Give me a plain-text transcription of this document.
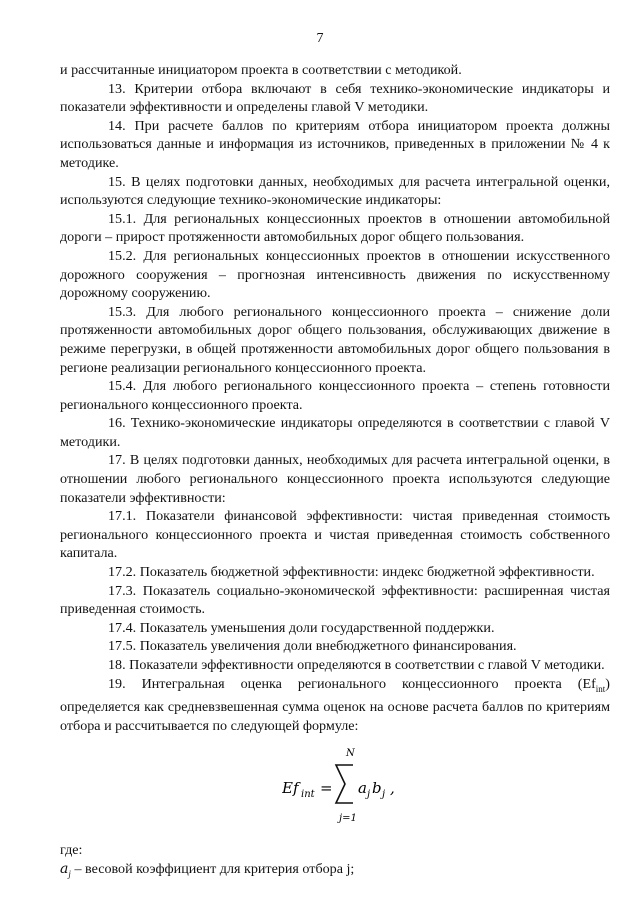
7

и рассчитанные инициатором проекта в соответствии с методикой.

13. Критерии отбора включают в себя технико-экономические индикаторы и показатели эффективности и определены главой V методики.

14. При расчете баллов по критериям отбора инициатором проекта должны использоваться данные и информация из источников, приведенных в приложении № 4 к методике.

15. В целях подготовки данных, необходимых для расчета интегральной оценки, используются следующие технико-экономические индикаторы:

15.1. Для региональных концессионных проектов в отношении автомобильной дороги – прирост протяженности автомобильных дорог общего пользования.

15.2. Для региональных концессионных проектов в отношении искусственного дорожного сооружения – прогнозная интенсивность движения по искусственному дорожному сооружению.

15.3. Для любого регионального концессионного проекта – снижение доли протяженности автомобильных дорог общего пользования, обслуживающих движение в режиме перегрузки, в общей протяженности автомобильных дорог общего пользования в регионе реализации регионального концессионного проекта.

15.4. Для любого регионального концессионного проекта – степень готовности регионального концессионного проекта.

16. Технико-экономические индикаторы определяются в соответствии с главой V методики.

17. В целях подготовки данных, необходимых для расчета интегральной оценки, в отношении любого регионального концессионного проекта используются следующие показатели эффективности:

17.1. Показатели финансовой эффективности: чистая приведенная стоимость регионального концессионного проекта и чистая приведенная стоимость собственного капитала.

17.2. Показатель бюджетной эффективности: индекс бюджетной эффективности.

17.3. Показатель социально-экономической эффективности: расширенная чистая приведенная стоимость.

17.4. Показатель уменьшения доли государственной поддержки.

17.5. Показатель увеличения доли внебюджетного финансирования.

18. Показатели эффективности определяются в соответствии с главой V методики.

19. Интегральная оценка регионального концессионного проекта $(Ef_{int})$ определяется как средневзвешенная сумма оценок на основе расчета баллов по критериям отбора и рассчитывается по следующей формуле:

Ef int =
N
j=1
a j b j ,

где:

$a_j$ – весовой коэффициент для критерия отбора j;
